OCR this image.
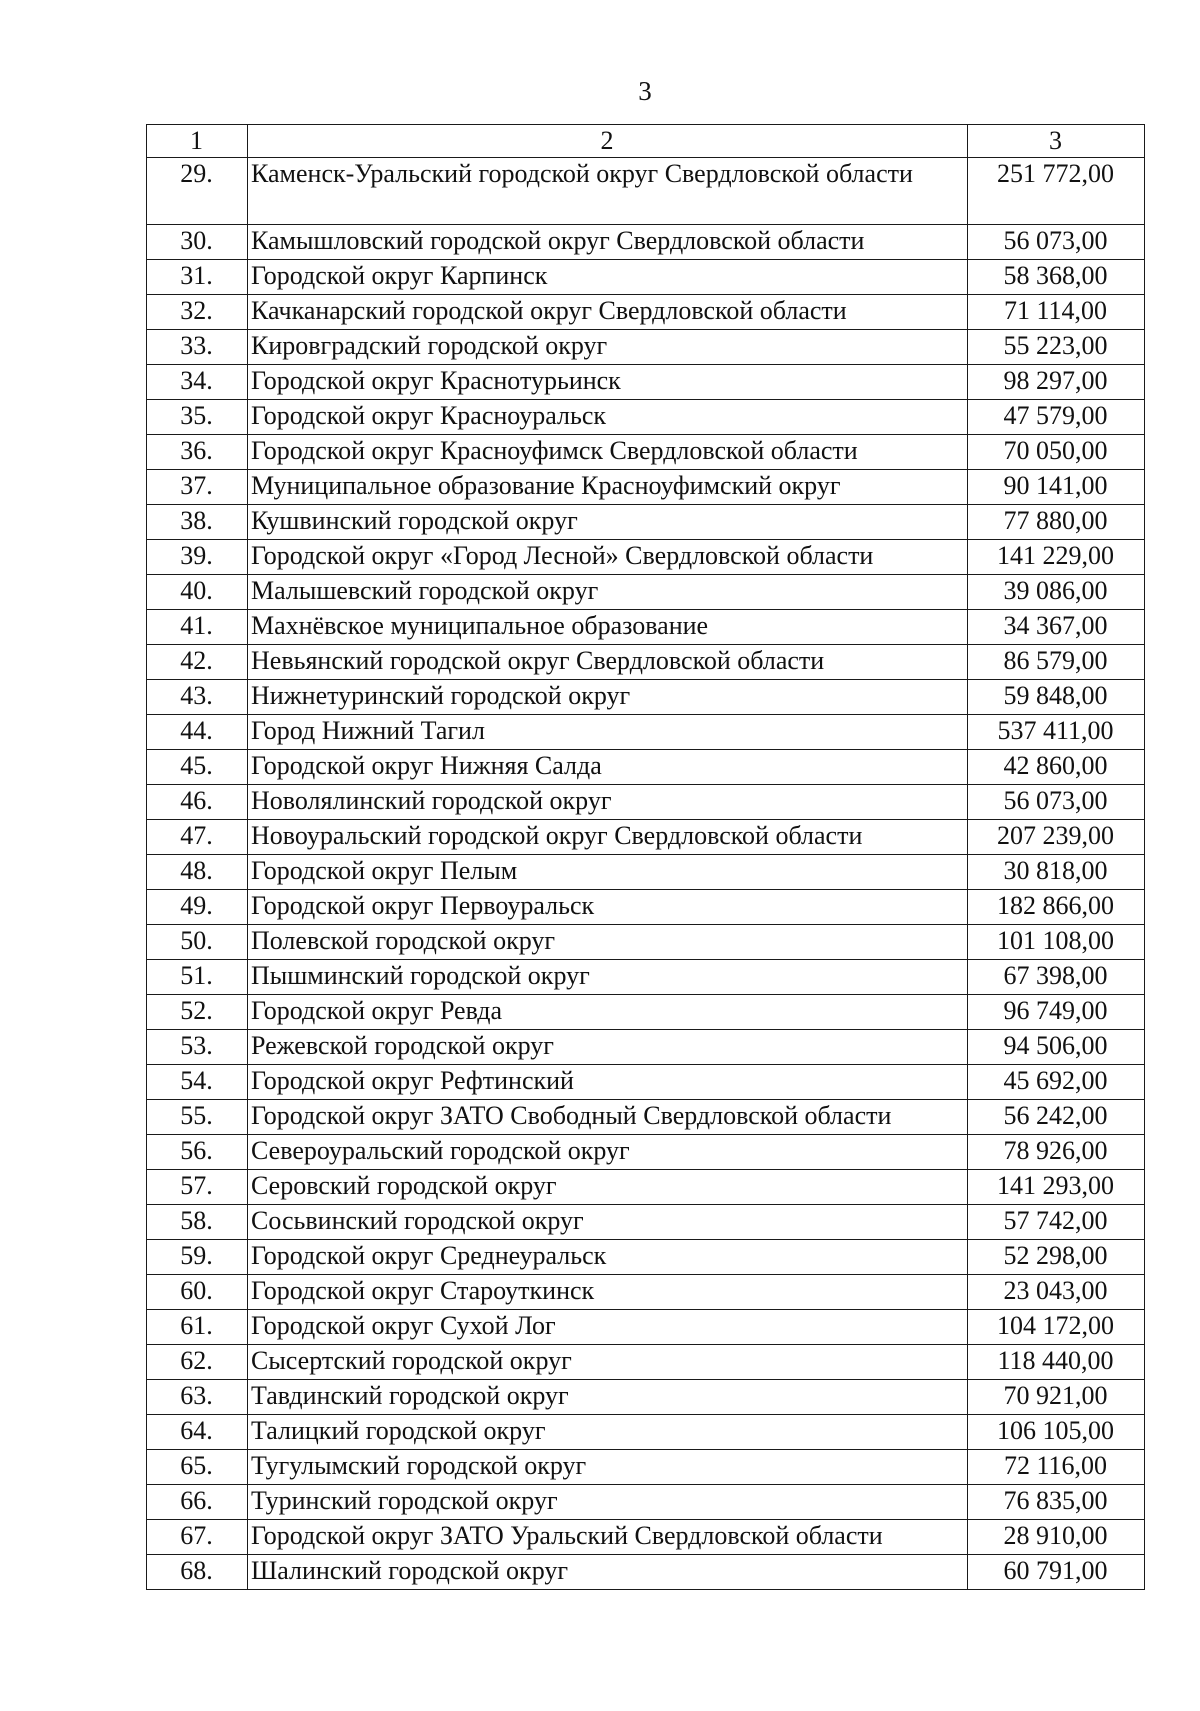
3
1	2	3
29.	Каменск-Уральский городской округ Свердловской области	251 772,00
30.	Камышловский городской округ Свердловской области	56 073,00
31.	Городской округ Карпинск	58 368,00
32.	Качканарский городской округ Свердловской области	71 114,00
33.	Кировградский городской округ	55 223,00
34.	Городской округ Краснотурьинск	98 297,00
35.	Городской округ Красноуральск	47 579,00
36.	Городской округ Красноуфимск Свердловской области	70 050,00
37.	Муниципальное образование Красноуфимский округ	90 141,00
38.	Кушвинский городской округ	77 880,00
39.	Городской округ «Город Лесной» Свердловской области	141 229,00
40.	Малышевский городской округ	39 086,00
41.	Махнёвское муниципальное образование	34 367,00
42.	Невьянский городской округ Свердловской области	86 579,00
43.	Нижнетуринский городской округ	59 848,00
44.	Город Нижний Тагил	537 411,00
45.	Городской округ Нижняя Салда	42 860,00
46.	Новолялинский городской округ	56 073,00
47.	Новоуральский городской округ Свердловской области	207 239,00
48.	Городской округ Пелым	30 818,00
49.	Городской округ Первоуральск	182 866,00
50.	Полевской городской округ	101 108,00
51.	Пышминский городской округ	67 398,00
52.	Городской округ Ревда	96 749,00
53.	Режевской городской округ	94 506,00
54.	Городской округ Рефтинский	45 692,00
55.	Городской округ ЗАТО Свободный Свердловской области	56 242,00
56.	Североуральский городской округ	78 926,00
57.	Серовский городской округ	141 293,00
58.	Сосьвинский городской округ	57 742,00
59.	Городской округ Среднеуральск	52 298,00
60.	Городской округ Староуткинск	23 043,00
61.	Городской округ Сухой Лог	104 172,00
62.	Сысертский городской округ	118 440,00
63.	Тавдинский городской округ	70 921,00
64.	Талицкий городской округ	106 105,00
65.	Тугулымский городской округ	72 116,00
66.	Туринский городской округ	76 835,00
67.	Городской округ ЗАТО Уральский Свердловской области	28 910,00
68.	Шалинский городской округ	60 791,00
